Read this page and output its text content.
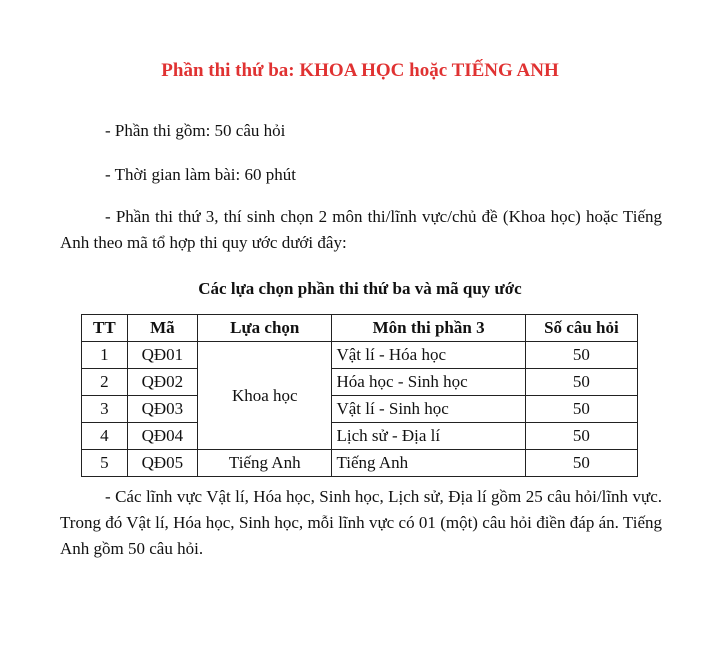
Phần thi thứ ba: KHOA HỌC hoặc TIẾNG ANH

- Phần thi gồm: 50 câu hỏi

- Thời gian làm bài: 60 phút

- Phần thi thứ 3, thí sinh chọn 2 môn thi/lĩnh vực/chủ đề (Khoa học) hoặc Tiếng Anh theo mã tổ hợp thi quy ước dưới đây:

Các lựa chọn phần thi thứ ba và mã quy ước

TT	Mã	Lựa chọn	Môn thi phần 3	Số câu hỏi
1	QĐ01	Khoa học	Vật lí - Hóa học	50
2	QĐ02		Hóa học - Sinh học	50
3	QĐ03		Vật lí - Sinh học	50
4	QĐ04		Lịch sử - Địa lí	50
5	QĐ05	Tiếng Anh	Tiếng Anh	50

- Các lĩnh vực Vật lí, Hóa học, Sinh học, Lịch sử, Địa lí gồm 25 câu hỏi/lĩnh vực. Trong đó Vật lí, Hóa học, Sinh học, mỗi lĩnh vực có 01 (một) câu hỏi điền đáp án. Tiếng Anh gồm 50 câu hỏi.
